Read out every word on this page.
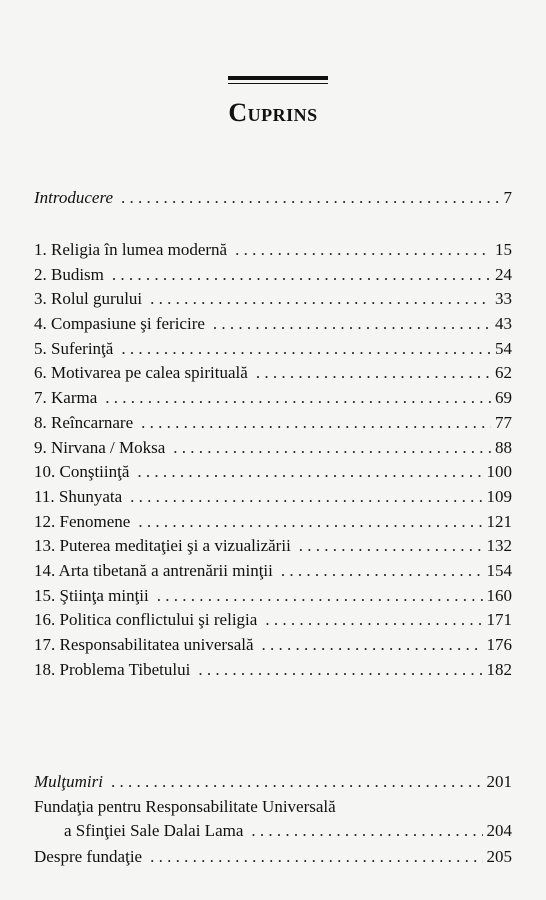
Cuprins
Introducere . . .	7
1. Religia în lumea modernă . . .	15
2. Budism . . .	24
3. Rolul gurului . . .	33
4. Compasiune şi fericire . . .	43
5. Suferinţă . . .	54
6. Motivarea pe calea spirituală . . .	62
7. Karma . . .	69
8. Reîncarnare . . .	77
9. Nirvana / Moksa . . .	88
10. Conştiinţă . . .	100
11. Shunyata . . .	109
12. Fenomene . . .	121
13. Puterea meditaţiei şi a vizualizării . . .	132
14. Arta tibetană a antrenării minţii . . .	154
15. Ştiinţa minţii . . .	160
16. Politica conflictului şi religia . . .	171
17. Responsabilitatea universală . . .	176
18. Problema Tibetului . . .	182
Mulţumiri . . .	201
Fundaţia pentru Responsabilitate Universală
a Sfinţiei Sale Dalai Lama . . .	204
Despre fundaţie . . .	205
